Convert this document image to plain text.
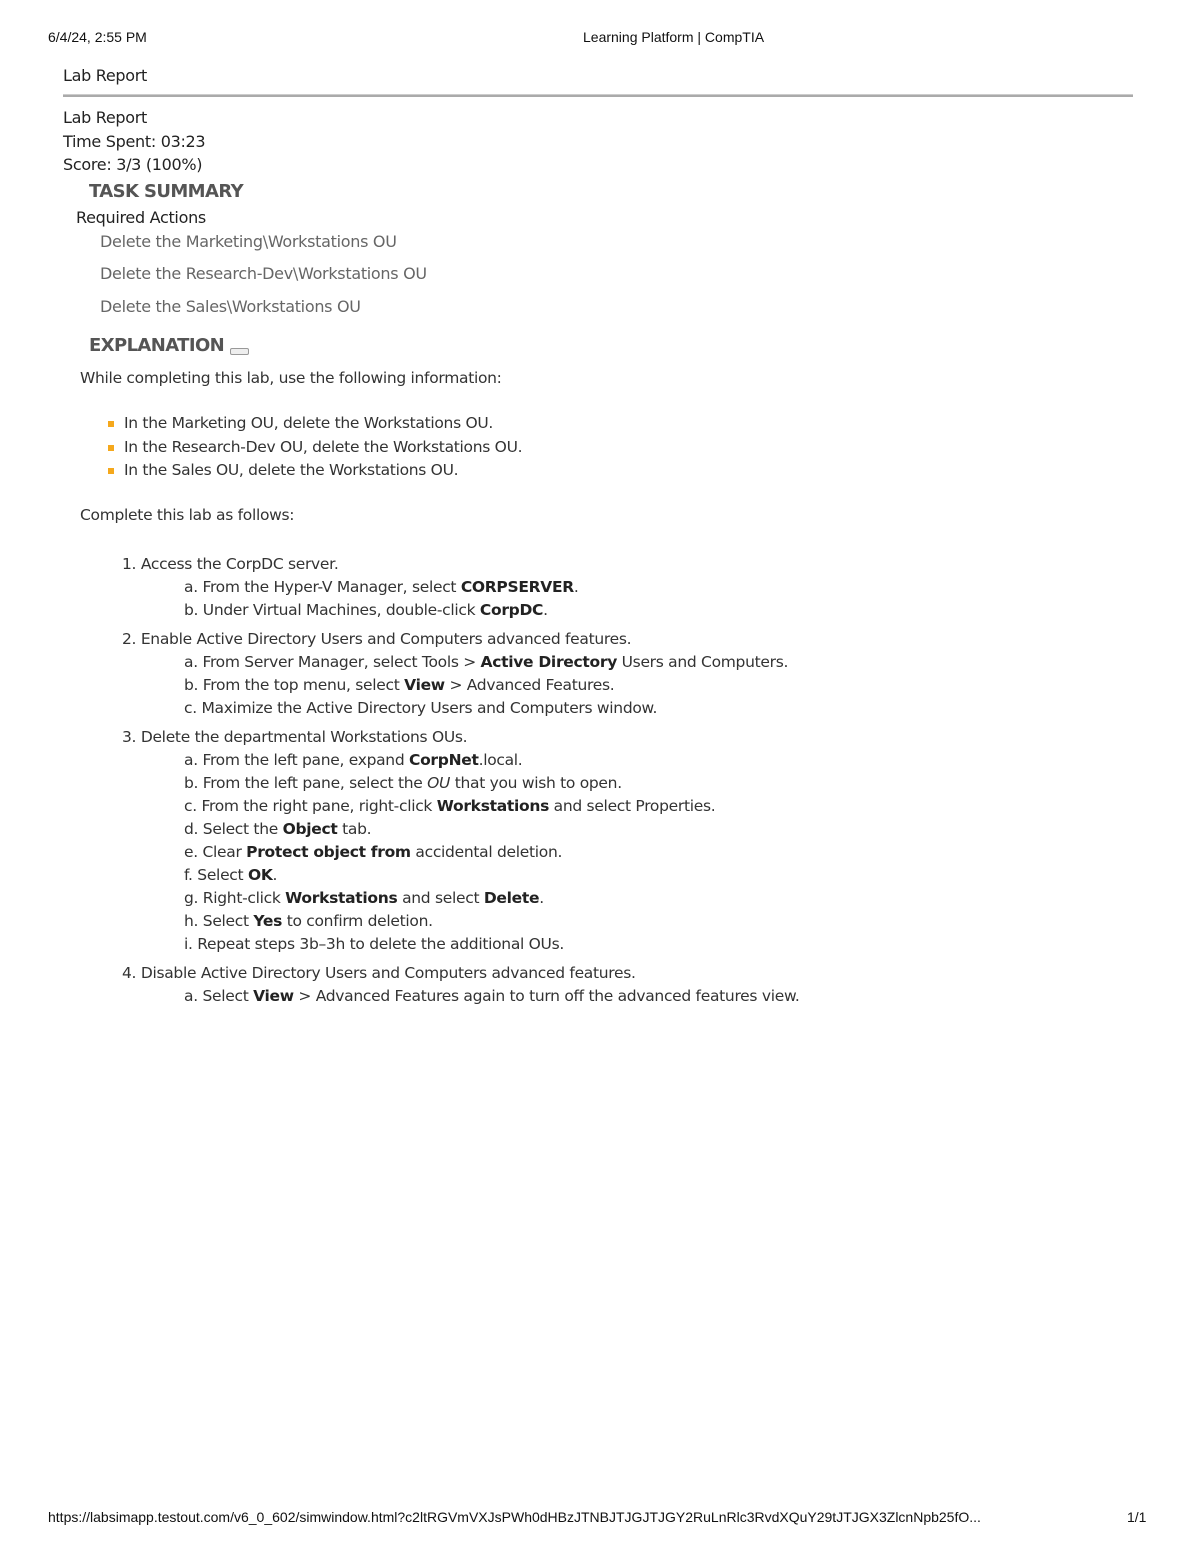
6/4/24, 2:55 PM	Learning Platform | CompTIA
Lab Report
Lab Report
Time Spent: 03:23
Score: 3/3 (100%)
TASK SUMMARY
Required Actions
Delete the Marketing\Workstations OU
Delete the Research-Dev\Workstations OU
Delete the Sales\Workstations OU
EXPLANATION
While completing this lab, use the following information:
In the Marketing OU, delete the Workstations OU.
In the Research-Dev OU, delete the Workstations OU.
In the Sales OU, delete the Workstations OU.
Complete this lab as follows:
1. Access the CorpDC server.
a. From the Hyper-V Manager, select CORPSERVER.
b. Under Virtual Machines, double-click CorpDC.
2. Enable Active Directory Users and Computers advanced features.
a. From Server Manager, select Tools > Active Directory Users and Computers.
b. From the top menu, select View > Advanced Features.
c. Maximize the Active Directory Users and Computers window.
3. Delete the departmental Workstations OUs.
a. From the left pane, expand CorpNet.local.
b. From the left pane, select the OU that you wish to open.
c. From the right pane, right-click Workstations and select Properties.
d. Select the Object tab.
e. Clear Protect object from accidental deletion.
f. Select OK.
g. Right-click Workstations and select Delete.
h. Select Yes to confirm deletion.
i. Repeat steps 3b–3h to delete the additional OUs.
4. Disable Active Directory Users and Computers advanced features.
a. Select View > Advanced Features again to turn off the advanced features view.
https://labsimapp.testout.com/v6_0_602/simwindow.html?c2ltRGVmVXJsPWh0dHBzJTNBJTJGJTJGY2RuLnRlc3RvdXQuY29tJTJGX3ZlcnNpb25fO...	1/1
